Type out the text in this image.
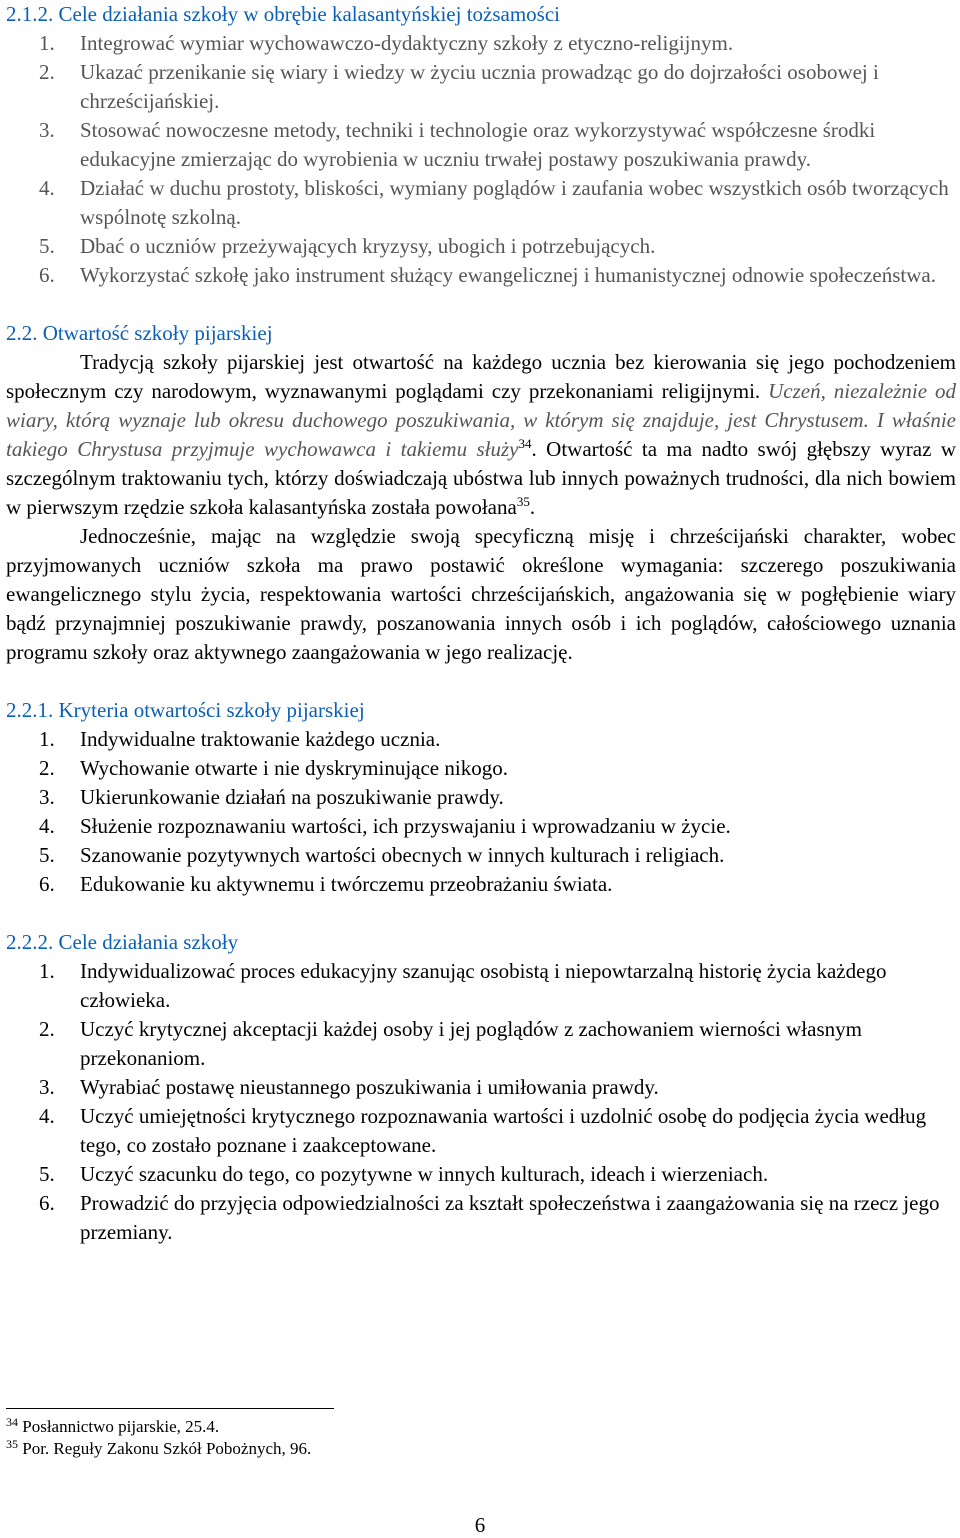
2.1.2. Cele działania szkoły w obrębie kalasantyńskiej tożsamości
1. Integrować wymiar wychowawczo-dydaktyczny szkoły z etyczno-religijnym.
2. Ukazać przenikanie się wiary i wiedzy w życiu ucznia prowadząc go do dojrzałości osobowej i chrześcijańskiej.
3. Stosować nowoczesne metody, techniki i technologie oraz wykorzystywać współczesne środki edukacyjne zmierzając do wyrobienia w uczniu trwałej postawy poszukiwania prawdy.
4. Działać w duchu prostoty, bliskości, wymiany poglądów i zaufania wobec wszystkich osób tworzących wspólnotę szkolną.
5. Dbać o uczniów przeżywających kryzysy, ubogich i potrzebujących.
6. Wykorzystać szkołę jako instrument służący ewangelicznej i humanistycznej odnowie społeczeństwa.
2.2. Otwartość szkoły pijarskiej

Tradycją szkoły pijarskiej jest otwartość na każdego ucznia bez kierowania się jego pochodzeniem społecznym czy narodowym, wyznawanymi poglądami czy przekonaniami religijnymi. Uczeń, niezależnie od wiary, którą wyznaje lub okresu duchowego poszukiwania, w którym się znajduje, jest Chrystusem. I właśnie takiego Chrystusa przyjmuje wychowawca i takiemu służy$^{34}$. Otwartość ta ma nadto swój głębszy wyraz w szczególnym traktowaniu tych, którzy doświadczają ubóstwa lub innych poważnych trudności, dla nich bowiem w pierwszym rzędzie szkoła kalasantyńska została powołana$^{35}$.

Jednocześnie, mając na względzie swoją specyficzną misję i chrześcijański charakter, wobec przyjmowanych uczniów szkoła ma prawo postawić określone wymagania: szczerego poszukiwania ewangelicznego stylu życia, respektowania wartości chrześcijańskich, angażowania się w pogłębienie wiary bądź przynajmniej poszukiwanie prawdy, poszanowania innych osób i ich poglądów, całościowego uznania programu szkoły oraz aktywnego zaangażowania w jego realizację.

2.2.1. Kryteria otwartości szkoły pijarskiej
1. Indywidualne traktowanie każdego ucznia.
2. Wychowanie otwarte i nie dyskryminujące nikogo.
3. Ukierunkowanie działań na poszukiwanie prawdy.
4. Służenie rozpoznawaniu wartości, ich przyswajaniu i wprowadzaniu w życie.
5. Szanowanie pozytywnych wartości obecnych w innych kulturach i religiach.
6. Edukowanie ku aktywnemu i twórczemu przeobrażaniu świata.
2.2.2. Cele działania szkoły
1. Indywidualizować proces edukacyjny szanując osobistą i niepowtarzalną historię życia każdego człowieka.
2. Uczyć krytycznej akceptacji każdej osoby i jej poglądów z zachowaniem wierności własnym przekonaniom.
3. Wyrabiać postawę nieustannego poszukiwania i umiłowania prawdy.
4. Uczyć umiejętności krytycznego rozpoznawania wartości i uzdolnić osobę do podjęcia życia według tego, co zostało poznane i zaakceptowane.
5. Uczyć szacunku do tego, co pozytywne w innych kulturach, ideach i wierzeniach.
6. Prowadzić do przyjęcia odpowiedzialności za kształt społeczeństwa i zaangażowania się na rzecz jego przemiany.
$^{34}$ Posłannictwo pijarskie, 25.4.
$^{35}$ Por. Reguły Zakonu Szkół Pobożnych, 96.
6
